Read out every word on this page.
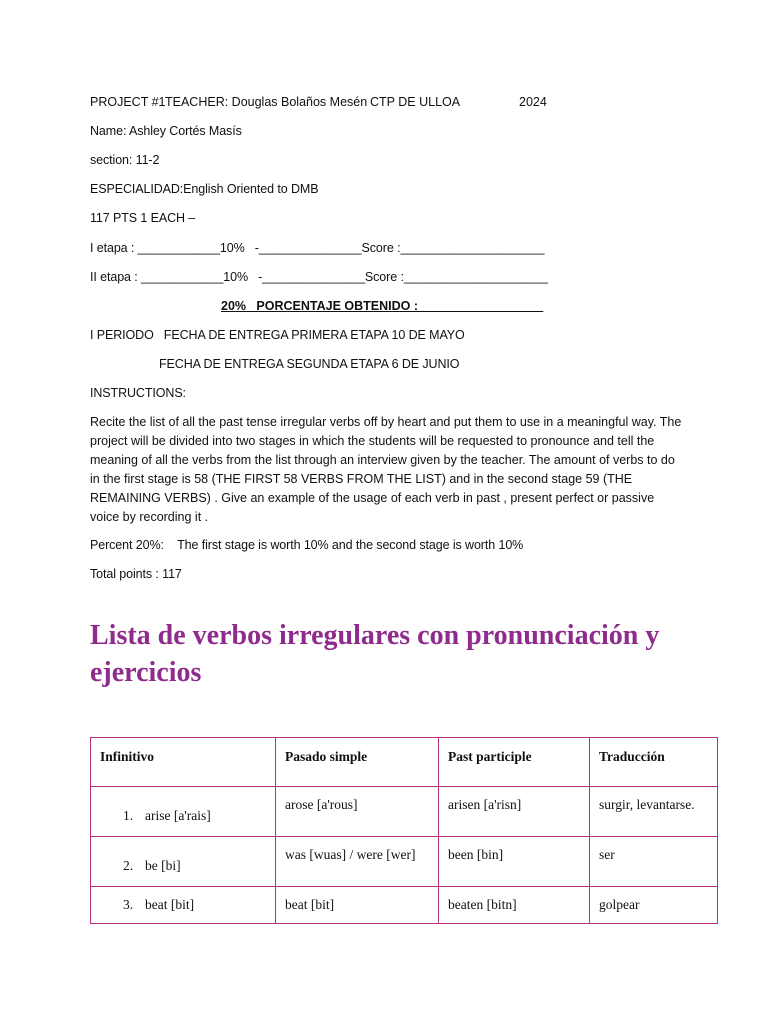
PROJECT #1 TEACHER: Douglas Bolaños Mesén CTP DE ULLOA	2024
Name: Ashley Cortés Masís
section: 11-2
ESPECIALIDAD:English Oriented to DMB
117 PTS 1 EACH –
I etapa : ____________10%   -_______________Score :_____________________
II etapa : ____________10%   -_______________Score :_____________________
20%   PORCENTAJE OBTENIDO :  _________________
I PERIODO   FECHA DE ENTREGA PRIMERA ETAPA 10 DE MAYO
FECHA DE ENTREGA SEGUNDA ETAPA 6 DE JUNIO
INSTRUCTIONS:
Recite the list of all the past tense irregular verbs off by heart and put them to use in a meaningful way. The project will be divided into two stages in which the students will be requested to pronounce and tell the meaning of all the verbs from the list through an interview given by the teacher. The amount of verbs to do in the first stage is 58 (THE FIRST 58 VERBS FROM THE LIST) and in the second stage 59 (THE REMAINING VERBS) . Give an example of the usage of each verb in past , present perfect or passive voice by recording it .
Percent 20%:    The first stage is worth 10% and the second stage is worth 10%
Total points : 117
Lista de verbos irregulares con pronunciación y ejercicios
Infinitivo	Pasado simple	Past participle	Traducción
1. arise [a'rais]	arose [a'rous]	arisen [a'risn]	surgir, levantarse.
2. be [bi]	was [wuas] / were [wer]	been [bin]	ser
3. beat [bit]	beat [bit]	beaten [bitn]	golpear
